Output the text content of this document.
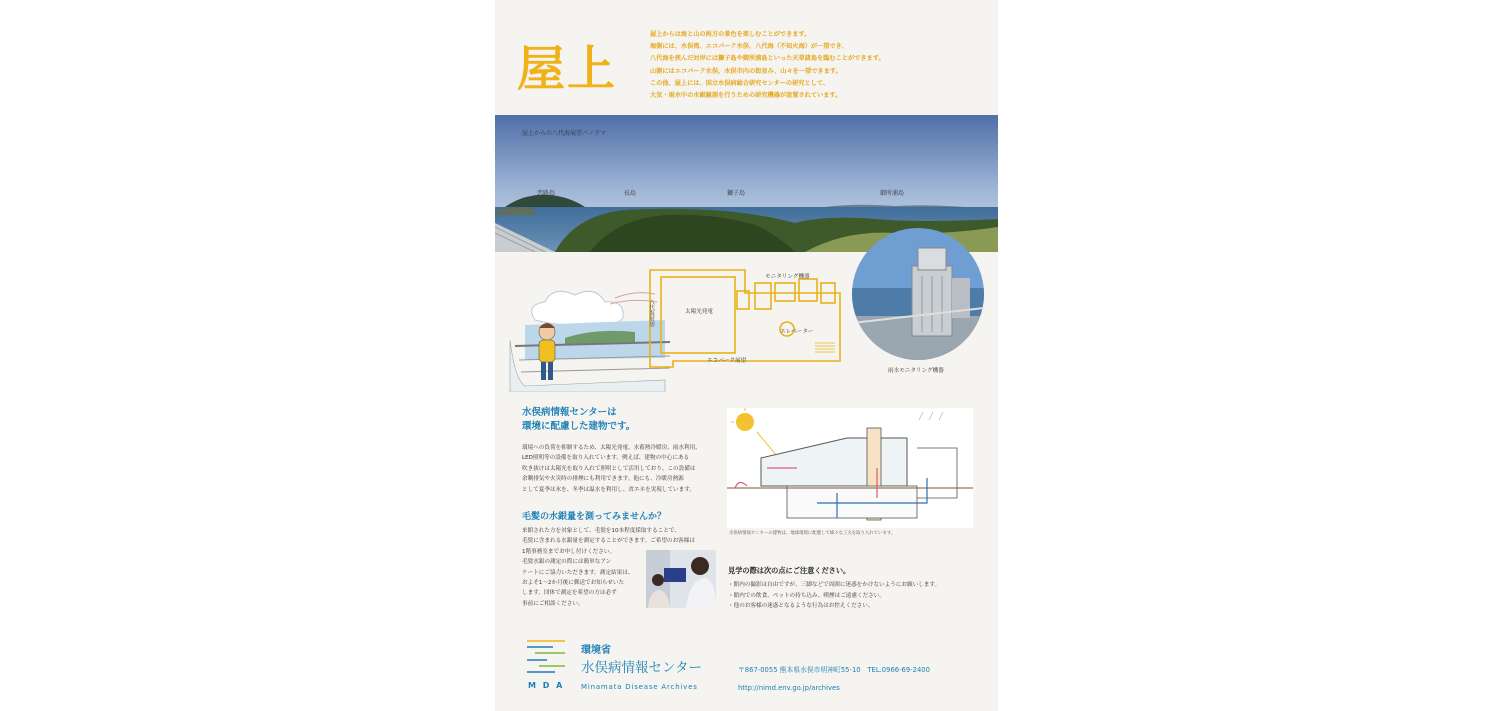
屋上
屋上からは海と山の両方の景色を楽しむことができます。
海側には、水俣湾、エコパーク水俣、八代海（不知火海）が一望でき、
八代海を挟んだ対岸には獅子島や御所浦島といった天草諸島を臨むことができます。
山側にはエコパーク水俣、水俣市内の街並み、山々を一望できます。
この他、屋上には、国立水俣病総合研究センターの研究として、
大気・雨水中の水銀観測を行うための研究機器が設置されています。
屋上からの八代海展望パノラマ
恋路島	長島	獅子島	御所浦島
モニタリング機器
八代海展望	太陽光発電
エレベーター
エコパーク展望
雨水モニタリング機器
水俣病情報センターは
環境に配慮した建物です。
環境への負荷を抑制するため、太陽光発電、水蓄熱冷暖房、雨水利用、
LED照明等の設備を取り入れています。例えば、建物の中心にある
吹き抜けは太陽光を取り入れて照明として活用しており、この設備は
余剰排気や火災時の排煙にも利用できます。他にも、冷暖房熱源
として夏季は氷を、冬季は温水を利用し、省エネを実現しています。
水俣病情報センターの建物は、地球環境に配慮して様々な工夫を取り入れています。
毛髪の水銀量を測ってみませんか？
来館された方を対象として、毛髪を10本程度採取することで、
毛髪に含まれる水銀量を測定することができます。ご希望のお客様は
1階事務室までお申し付けください。
毛髪水銀の測定の際には簡単なアン
ケートにご協力いただきます。測定結果は、
およそ1〜2か月後に郵送でお知らせいた
します。団体で測定を希望の方は必ず
事前にご相談ください。
見学の際は次の点にご注意ください。
・館内の撮影は自由ですが、三脚などで周囲に迷惑をかけないようにお願いします。
・館内での飲食、ペットの持ち込み、喫煙はご遠慮ください。
・他のお客様の迷惑となるような行為はお控えください。
M D A
環境省
水俣病情報センター
Minamata Disease Archives
〒867-0055 熊本県水俣市明神町55-10　TEL.0966-69-2400
http://nimd.env.go.jp/archives
